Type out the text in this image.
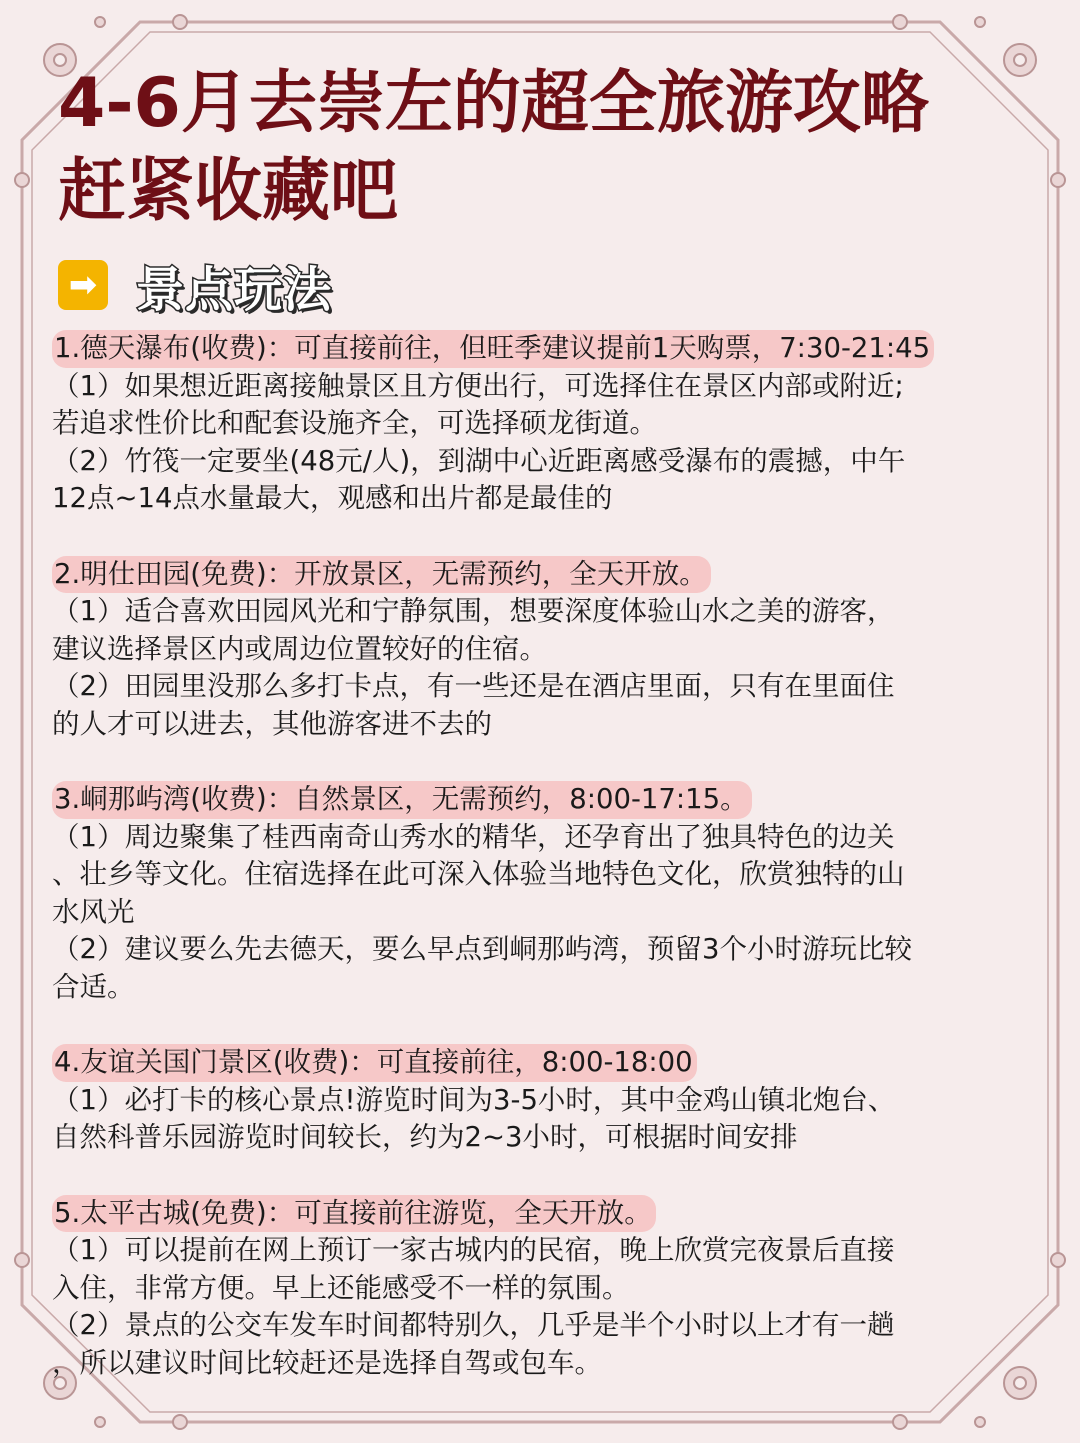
4-6月去崇左的超全旅游攻略
赶紧收藏吧
➡ 景点玩法
1.德天瀑布(收费)：可直接前往，但旺季建议提前1天购票，7:30-21:45
（1）如果想近距离接触景区且方便出行，可选择住在景区内部或附近;
若追求性价比和配套设施齐全，可选择硕龙街道。
（2）竹筏一定要坐(48元/人)，到湖中心近距离感受瀑布的震撼，中午
12点~14点水量最大，观感和出片都是最佳的
2.明仕田园(免费)：开放景区，无需预约，全天开放。
（1）适合喜欢田园风光和宁静氛围，想要深度体验山水之美的游客，
建议选择景区内或周边位置较好的住宿。
（2）田园里没那么多打卡点，有一些还是在酒店里面，只有在里面住
的人才可以进去，其他游客进不去的
3.峒那屿湾(收费)：自然景区，无需预约，8:00-17:15。
（1）周边聚集了桂西南奇山秀水的精华，还孕育出了独具特色的边关
、壮乡等文化。住宿选择在此可深入体验当地特色文化，欣赏独特的山
水风光
（2）建议要么先去德天，要么早点到峒那屿湾，预留3个小时游玩比较
合适。
4.友谊关国门景区(收费)：可直接前往，8:00-18:00
（1）必打卡的核心景点!游览时间为3-5小时，其中金鸡山镇北炮台、
自然科普乐园游览时间较长，约为2~3小时，可根据时间安排
5.太平古城(免费)：可直接前往游览，全天开放。
（1）可以提前在网上预订一家古城内的民宿，晚上欣赏完夜景后直接
入住，非常方便。早上还能感受不一样的氛围。
（2）景点的公交车发车时间都特别久，几乎是半个小时以上才有一趟
，所以建议时间比较赶还是选择自驾或包车。
